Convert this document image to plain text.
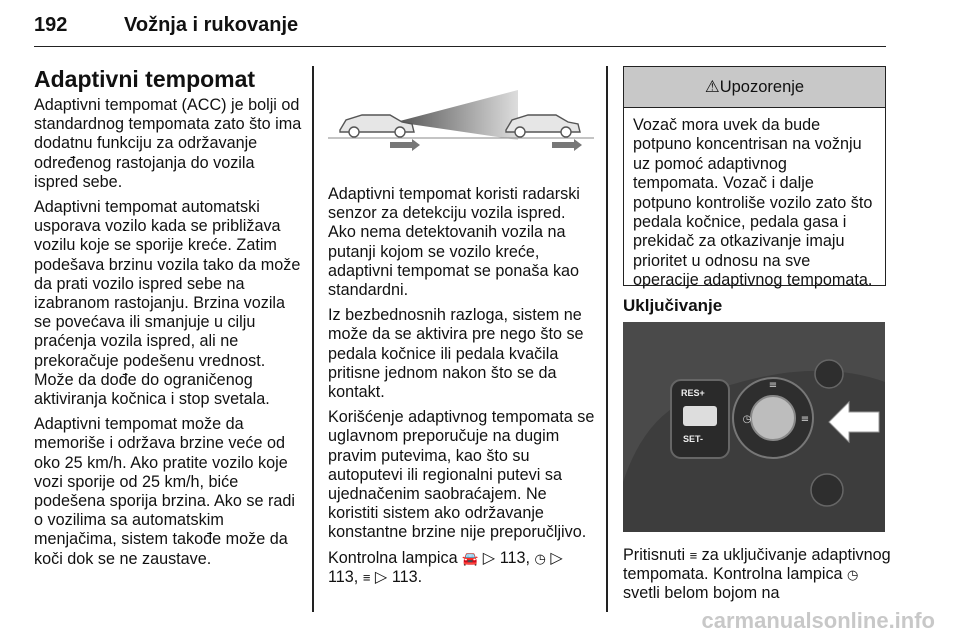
192	Vožnja i rukovanje
Adaptivni tempomat

Adaptivni tempomat (ACC) je bolji od standardnog tempomata zato što ima dodatnu funkciju za održavanje određenog rastojanja do vozila ispred sebe.

Adaptivni tempomat automatski usporava vozilo kada se približava vozilu koje se sporije kreće. Zatim podešava brzinu vozila tako da može da prati vozilo ispred sebe na izabranom rastojanju. Brzina vozila se povećava ili smanjuje u cilju praćenja vozila ispred, ali ne prekoračuje podešenu vrednost. Može da dođe do ograničenog aktiviranja kočnica i stop svetala.

Adaptivni tempomat može da memoriše i održava brzine veće od oko 25 km/h. Ako pratite vozilo koje vozi sporije od 25 km/h, biće podešena sporija brzina. Ako se radi o vozilima sa automatskim menjačima, sistem takođe može da koči dok se ne zaustave.

Adaptivni tempomat koristi radarski senzor za detekciju vozila ispred. Ako nema detektovanih vozila na putanji kojom se vozilo kreće, adaptivni tempomat se ponaša kao standardni.

Iz bezbednosnih razloga, sistem ne može da se aktivira pre nego što se pedala kočnice ili pedala kvačila pritisne jednom nakon što se da kontakt.

Korišćenje adaptivnog tempomata se uglavnom preporučuje na dugim pravim putevima, kao što su autoputevi ili regionalni putevi sa ujednačenim saobraćajem. Ne koristiti sistem ako održavanje konstantne brzine nije preporučljivo.

Kontrolna lampica 🚘 ▷ 113, ◷ ▷ 113, ≡ ▷ 113.

⚠ Upozorenje
Vozač mora uvek da bude potpuno koncentrisan na vožnju uz pomoć adaptivnog tempomata. Vozač i dalje potpuno kontroliše vozilo zato što pedala kočnice, pedala gasa i prekidač za otkazivanje imaju prioritet u odnosu na sve operacije adaptivnog tempomata.
Uključivanje
≡
◷	≡
RES+
SET-
Pritisnuti ≡ za uključivanje adaptivnog tempomata. Kontrolna lampica ◷ svetli belom bojom na
carmanualsonline.info
